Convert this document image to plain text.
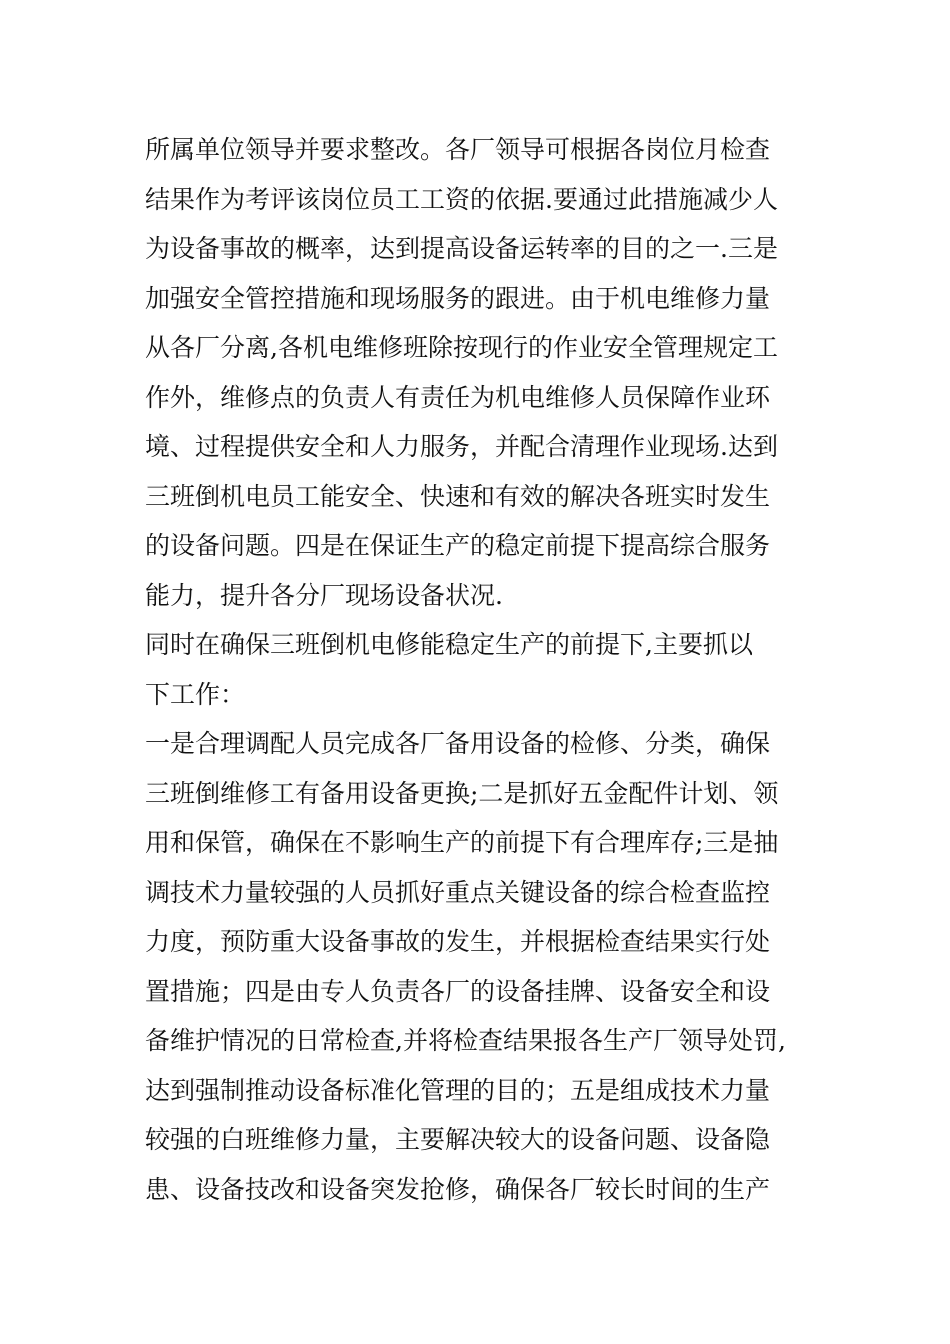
所属单位领导并要求整改。各厂领导可根据各岗位月检查
结果作为考评该岗位员工工资的依据.要通过此措施减少人
为设备事故的概率，达到提高设备运转率的目的之一.三是
加强安全管控措施和现场服务的跟进。由于机电维修力量
从各厂分离,各机电维修班除按现行的作业安全管理规定工
作外，维修点的负责人有责任为机电维修人员保障作业环
境、过程提供安全和人力服务，并配合清理作业现场.达到
三班倒机电员工能安全、快速和有效的解决各班实时发生
的设备问题。四是在保证生产的稳定前提下提高综合服务
能力，提升各分厂现场设备状况.
同时在确保三班倒机电修能稳定生产的前提下,主要抓以
下工作：
一是合理调配人员完成各厂备用设备的检修、分类，确保
三班倒维修工有备用设备更换;二是抓好五金配件计划、领
用和保管，确保在不影响生产的前提下有合理库存;三是抽
调技术力量较强的人员抓好重点关键设备的综合检查监控
力度，预防重大设备事故的发生，并根据检查结果实行处
置措施；四是由专人负责各厂的设备挂牌、设备安全和设
备维护情况的日常检查,并将检查结果报各生产厂领导处罚,
达到强制推动设备标准化管理的目的；五是组成技术力量
较强的白班维修力量，主要解决较大的设备问题、设备隐
患、设备技改和设备突发抢修，确保各厂较长时间的生产
